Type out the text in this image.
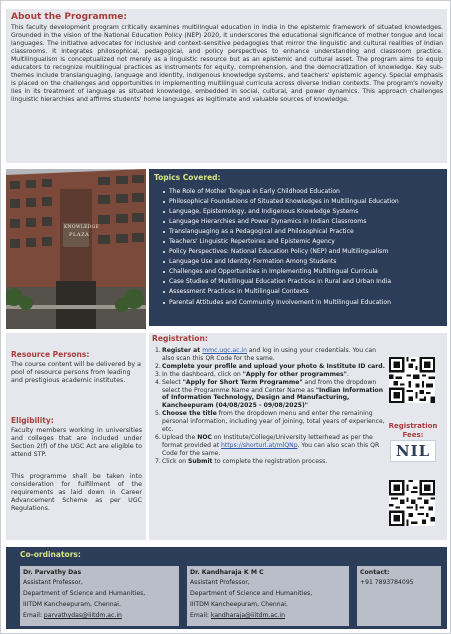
About the Programme:

This faculty development program critically examines multilingual education in India in the epistemic framework of situated knowledges. Grounded in the vision of the National Education Policy (NEP) 2020, it underscores the educational significance of mother tongue and local languages. The initiative advocates for inclusive and context-sensitive pedagogies that mirror the linguistic and cultural realities of Indian classrooms. It integrates philosophical, pedagogical, and policy perspectives to enhance understanding and classroom practice. Multilingualism is conceptualized not merely as a linguistic resource but as an epistemic and cultural asset. The program aims to equip educators to recognize multilingual practices as instruments for equity, comprehension, and the democratization of knowledge. Key sub-themes include translanguaging, language and identity, indigenous knowledge systems, and teachers' epistemic agency. Special emphasis is placed on the challenges and opportunities in implementing multilingual curricula across diverse Indian contexts. The program's novelty lies in its treatment of language as situated knowledge, embedded in social, cultural, and power dynamics. This approach challenges linguistic hierarchies and affirms students' home languages as legitimate and valuable sources of knowledge.

KNOWLEDGE
PLAZA
Topics Covered:
The Role of Mother Tongue in Early Childhood Education
Philosophical Foundations of Situated Knowledges in Multilingual Education
Language, Epistemology, and Indigenous Knowledge Systems
Language Hierarchies and Power Dynamics in Indian Classrooms
Translanguaging as a Pedagogical and Philosophical Practice
Teachers' Linguistic Repertoires and Epistemic Agency
Policy Perspectives: National Education Policy (NEP) and Multilingualism
Language Use and Identity Formation Among Students
Challenges and Opportunities in Implementing Multilingual Curricula
Case Studies of Multilingual Education Practices in Rural and Urban India
Assessment Practices in Multilingual Contexts
Parental Attitudes and Community Involvement in Multilingual Education
Resource Persons:
The course content will be delivered by a pool of resource persons from leading and prestigious academic institutes.
Eligibility:
Faculty members working in universities and colleges that are included under Section 2(f) of the UGC Act are eligible to attend STP.
This programme shall be taken into consideration for fulfillment of the requirements as laid down in Career Advancement Scheme as per UGC Regulations.
Registration:
Register at mmc.ugc.ac.in and log in using your credentials. You can also scan this QR Code for the same.
Complete your profile and upload your photo & Institute ID card.
In the dashboard, click on "Apply for other programmes".
Select "Apply for Short Term Programme" and from the dropdown select the Programme Name and Center Name as "Indian Information of Information Technology, Design and Manufacturing, Kancheepuram (04/08/2025 - 09/08/2025)"
Choose the title from the dropdown menu and enter the remaining personal information, including year of joining, total years of experience, etc.
Upload the NOC on Institute/College/University letterhead as per the format provided at https://shorturl.at/mlQNp. You can also scan this QR Code for the same.
Click on Submit to complete the registration process.
Registration Fees:
NIL
Co-ordinators:
Dr. Parvathy Das
Assistant Professor,
Department of Science and Humanities,
IIITDM Kancheepuram, Chennai.
Email: parvathydas@iiitdm.ac.in
Dr. Kandharaja K M C
Assistant Professor,
Department of Science and Humanities,
IIITDM Kancheepuram, Chennai.
Email: kandharaja@iiitdm.ac.in
Contact:
+91 7893784095
